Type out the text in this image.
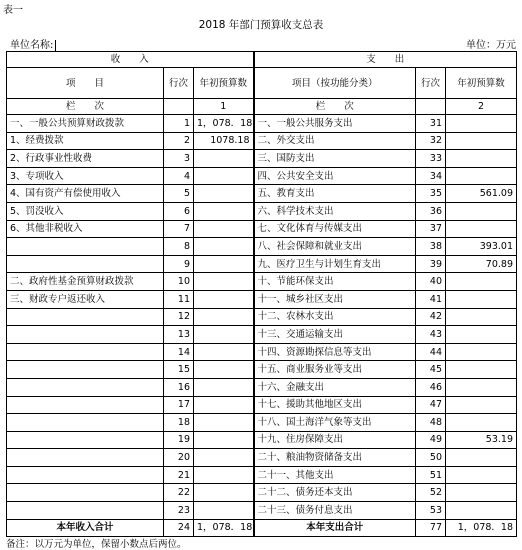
表一
2018 年部门预算收支总表
单位名称:	单位：万元
收　　入			支　　出		
项　　目	行次	年初预算数	项目（按功能分类）	行次	年初预算数
栏　　次		1	栏　　次		2
一、一般公共预算财政拨款	1	1，078．18	一、一般公共服务支出	31	
1、经费拨款	2	1078.18	二、外交支出	32	
2、行政事业性收费	3		三、国防支出	33	
3、专项收入	4		四、公共安全支出	34	
4、国有资产有偿使用收入	5		五、教育支出	35	561.09
5、罚没收入	6		六、科学技术支出	36	
6、其他非税收入	7		七、文化体育与传媒支出	37	
	8		八、社会保障和就业支出	38	393.01
	9		九、医疗卫生与计划生育支出	39	70.89
二、政府性基金预算财政拨款	10		十、节能环保支出	40	
三、财政专户返还收入	11		十一、城乡社区支出	41	
	12		十二、农林水支出	42	
	13		十三、交通运输支出	43	
	14		十四、资源勘探信息等支出	44	
	15		十五、商业服务业等支出	45	
	16		十六、金融支出	46	
	17		十七、援助其他地区支出	47	
	18		十八、国土海洋气象等支出	48	
	19		十九、住房保障支出	49	53.19
	20		二十、粮油物资储备支出	50	
	21		二十一、其他支出	51	
	22		二十二、债务还本支出	52	
	23		二十三、债务付息支出	53	
本年收入合计	24	1，078．18	本年支出合计	77	1，078．18
备注：以万元为单位，保留小数点后两位。
